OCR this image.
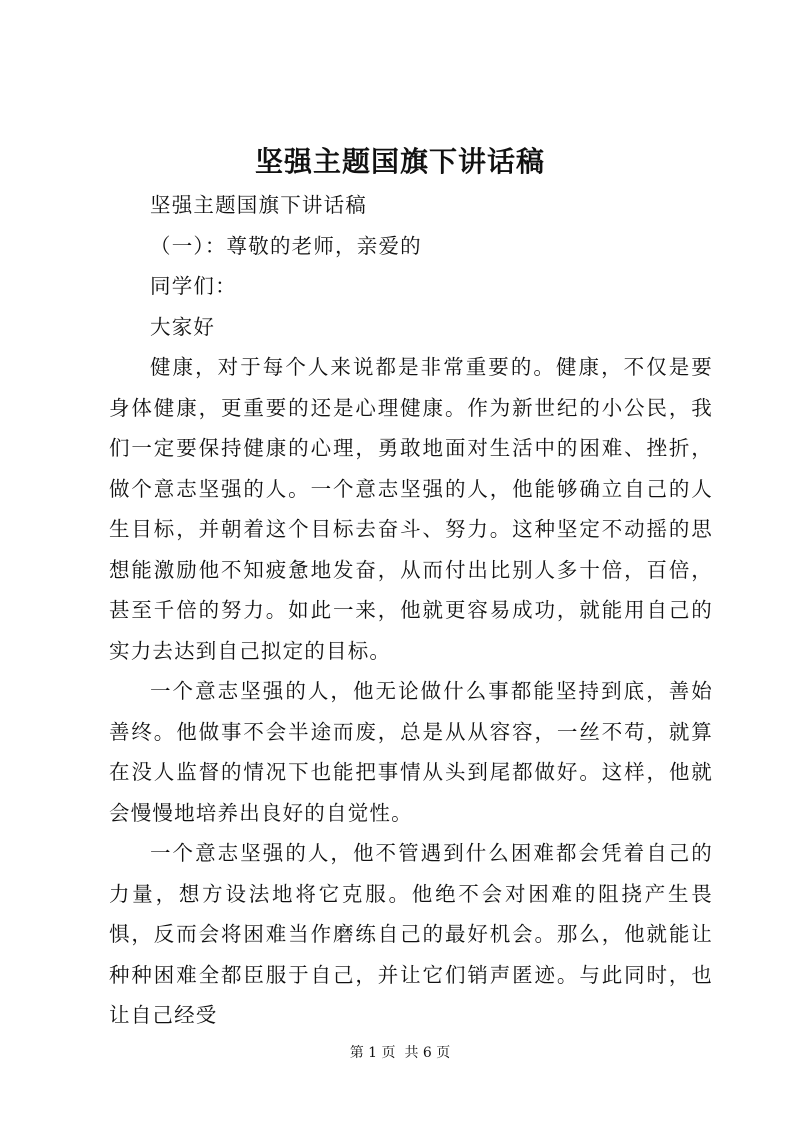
坚强主题国旗下讲话稿

坚强主题国旗下讲话稿

（一）：尊敬的老师，亲爱的

同学们：

大家好

健康，对于每个人来说都是非常重要的。健康，不仅是要身体健康，更重要的还是心理健康。作为新世纪的小公民，我们一定要保持健康的心理，勇敢地面对生活中的困难、挫折，做个意志坚强的人。一个意志坚强的人，他能够确立自己的人生目标，并朝着这个目标去奋斗、努力。这种坚定不动摇的思想能激励他不知疲惫地发奋，从而付出比别人多十倍，百倍，甚至千倍的努力。如此一来，他就更容易成功，就能用自己的实力去达到自己拟定的目标。

一个意志坚强的人，他无论做什么事都能坚持到底，善始善终。他做事不会半途而废，总是从从容容，一丝不苟，就算在没人监督的情况下也能把事情从头到尾都做好。这样，他就会慢慢地培养出良好的自觉性。

一个意志坚强的人，他不管遇到什么困难都会凭着自己的力量，想方设法地将它克服。他绝不会对困难的阻挠产生畏惧，反而会将困难当作磨练自己的最好机会。那么，他就能让种种困难全都臣服于自己，并让它们销声匿迹。与此同时，也让自己经受

第 1 页  共 6 页
